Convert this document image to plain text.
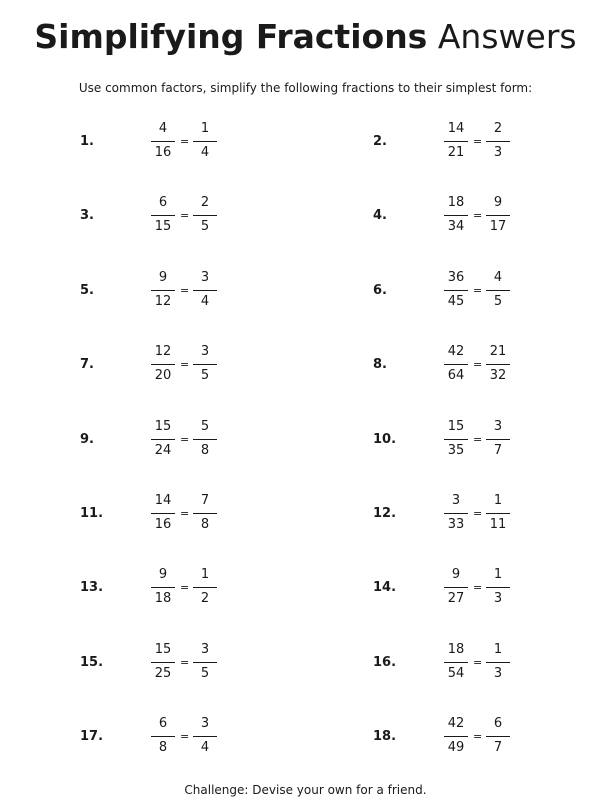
Simplifying Fractions Answers
Use common factors, simplify the following fractions to their simplest form:
1.
4
16
=
1
4
2.
14
21
=
2
3
3.
6
15
=
2
5
4.
18
34
=
9
17
5.
9
12
=
3
4
6.
36
45
=
4
5
7.
12
20
=
3
5
8.
42
64
=
21
32
9.
15
24
=
5
8
10.
15
35
=
3
7
11.
14
16
=
7
8
12.
3
33
=
1
11
13.
9
18
=
1
2
14.
9
27
=
1
3
15.
15
25
=
3
5
16.
18
54
=
1
3
17.
6
8
=
3
4
18.
42
49
=
6
7
Challenge: Devise your own for a friend.
